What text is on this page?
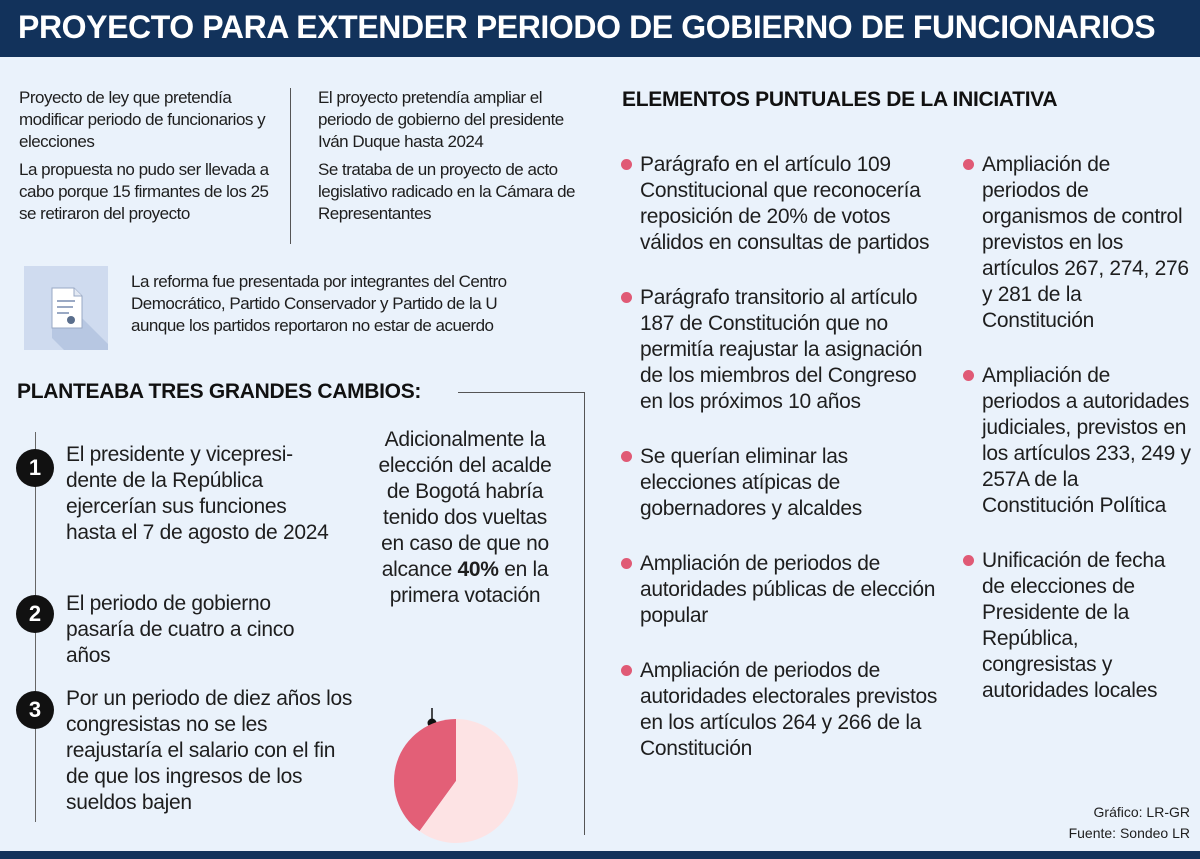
PROYECTO PARA EXTENDER PERIODO DE GOBIERNO DE FUNCIONARIOS

Proyecto de ley que pretendía modificar periodo de funcionarios y elecciones

La propuesta no pudo ser llevada a cabo porque 15 firmantes de los 25 se retiraron del proyecto

El proyecto pretendía ampliar el periodo de gobierno del presidente Iván Duque hasta 2024

Se trataba de un proyecto de acto legislativo radicado en la Cámara de Representantes

La reforma fue presentada por integrantes del Centro Democrático, Partido Conservador y Partido de la U aunque los partidos reportaron no estar de acuerdo
PLANTEABA TRES GRANDES CAMBIOS:
1
El presidente y vicepresi-dente de la República ejercerían sus funciones hasta el 7 de agosto de 2024
2	El periodo de gobierno pasaría de cuatro a cinco años
3	Por un periodo de diez años los congresistas no se les reajustaría el salario con el fin de que los ingresos de los sueldos bajen
Adicionalmente la elección del acalde de Bogotá habría tenido dos vueltas en caso de que no alcance 40% en la primera votación
ELEMENTOS PUNTUALES DE LA INICIATIVA
Parágrafo en el artículo 109 Constitucional que reconocería reposición de 20% de votos válidos en consultas de partidos
Parágrafo transitorio al artículo 187 de Constitución que no permitía reajustar la asignación de los miembros del Congreso en los próximos 10 años
Se querían eliminar las elecciones atípicas de gobernadores y alcaldes
Ampliación de periodos de autoridades públicas de elección popular
Ampliación de periodos de autoridades electorales previstos en los artículos 264 y 266 de la Constitución
Ampliación de periodos de organismos de control previstos en los artículos 267, 274, 276 y 281 de la Constitución
Ampliación de periodos a autoridades judiciales, previstos en los artículos 233, 249 y 257A de la Constitución Política
Unificación de fecha de elecciones de Presidente de la República, congresistas y autoridades locales
Gráfico: LR-GR
Fuente: Sondeo LR
